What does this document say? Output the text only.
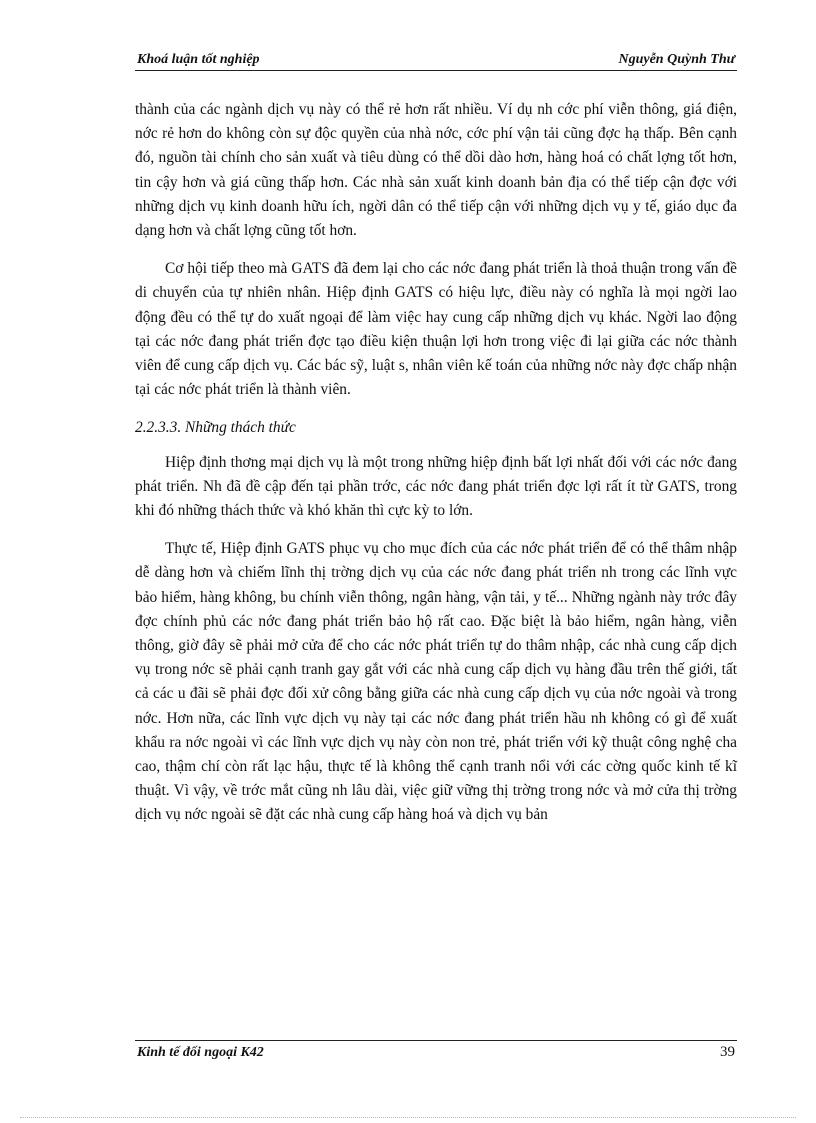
Khoá luận tốt nghiệp	Nguyễn Quỳnh Thư

thành của các ngành dịch vụ này có thể rẻ hơn rất nhiều. Ví dụ nh cớc phí viễn thông, giá điện, nớc rẻ hơn do không còn sự độc quyền của nhà nớc, cớc phí vận tải cũng đợc hạ thấp. Bên cạnh đó, nguồn tài chính cho sản xuất và tiêu dùng có thể dồi dào hơn, hàng hoá có chất lợng tốt hơn, tin cậy hơn và giá cũng thấp hơn. Các nhà sản xuất kinh doanh bản địa có thể tiếp cận đợc với những dịch vụ kinh doanh hữu ích, ngời dân có thể tiếp cận với những dịch vụ y tế, giáo dục đa dạng hơn và chất lợng cũng tốt hơn.

Cơ hội tiếp theo mà GATS đã đem lại cho các nớc đang phát triển là thoả thuận trong vấn đề di chuyển của tự nhiên nhân. Hiệp định GATS có hiệu lực, điều này có nghĩa là mọi ngời lao động đều có thể tự do xuất ngoại để làm việc hay cung cấp những dịch vụ khác. Ngời lao động tại các nớc đang phát triển đợc tạo điều kiện thuận lợi hơn trong việc đi lại giữa các nớc thành viên để cung cấp dịch vụ. Các bác sỹ, luật s, nhân viên kế toán của những nớc này đợc chấp nhận tại các nớc phát triển là thành viên.

2.2.3.3. Những thách thức

Hiệp định thơng mại dịch vụ là một trong những hiệp định bất lợi nhất đối với các nớc đang phát triển. Nh đã đề cập đến tại phần trớc, các nớc đang phát triển đợc lợi rất ít từ GATS, trong khi đó những thách thức và khó khăn thì cực kỳ to lớn.

Thực tế, Hiệp định GATS phục vụ cho mục đích của các nớc phát triển để có thể thâm nhập dễ dàng hơn và chiếm lĩnh thị trờng dịch vụ của các nớc đang phát triển nh trong các lĩnh vực bảo hiểm, hàng không, bu chính viễn thông, ngân hàng, vận tải, y tế... Những ngành này trớc đây đợc chính phủ các nớc đang phát triển bảo hộ rất cao. Đặc biệt là bảo hiểm, ngân hàng, viễn thông, giờ đây sẽ phải mở cửa để cho các nớc phát triển tự do thâm nhập, các nhà cung cấp dịch vụ trong nớc sẽ phải cạnh tranh gay gắt với các nhà cung cấp dịch vụ hàng đầu trên thế giới, tất cả các u đãi sẽ phải đợc đối xử công bằng giữa các nhà cung cấp dịch vụ của nớc ngoài và trong nớc. Hơn nữa, các lĩnh vực dịch vụ này tại các nớc đang phát triển hầu nh không có gì để xuất khẩu ra nớc ngoài vì các lĩnh vực dịch vụ này còn non trẻ, phát triển với kỹ thuật công nghệ cha cao, thậm chí còn rất lạc hậu, thực tế là không thể cạnh tranh nổi với các cờng quốc kinh tế kĩ thuật. Vì vậy, về trớc mắt cũng nh lâu dài, việc giữ vững thị trờng trong nớc và mở cửa thị trờng dịch vụ nớc ngoài sẽ đặt các nhà cung cấp hàng hoá và dịch vụ bản

Kinh tế đối ngoại K42	39
